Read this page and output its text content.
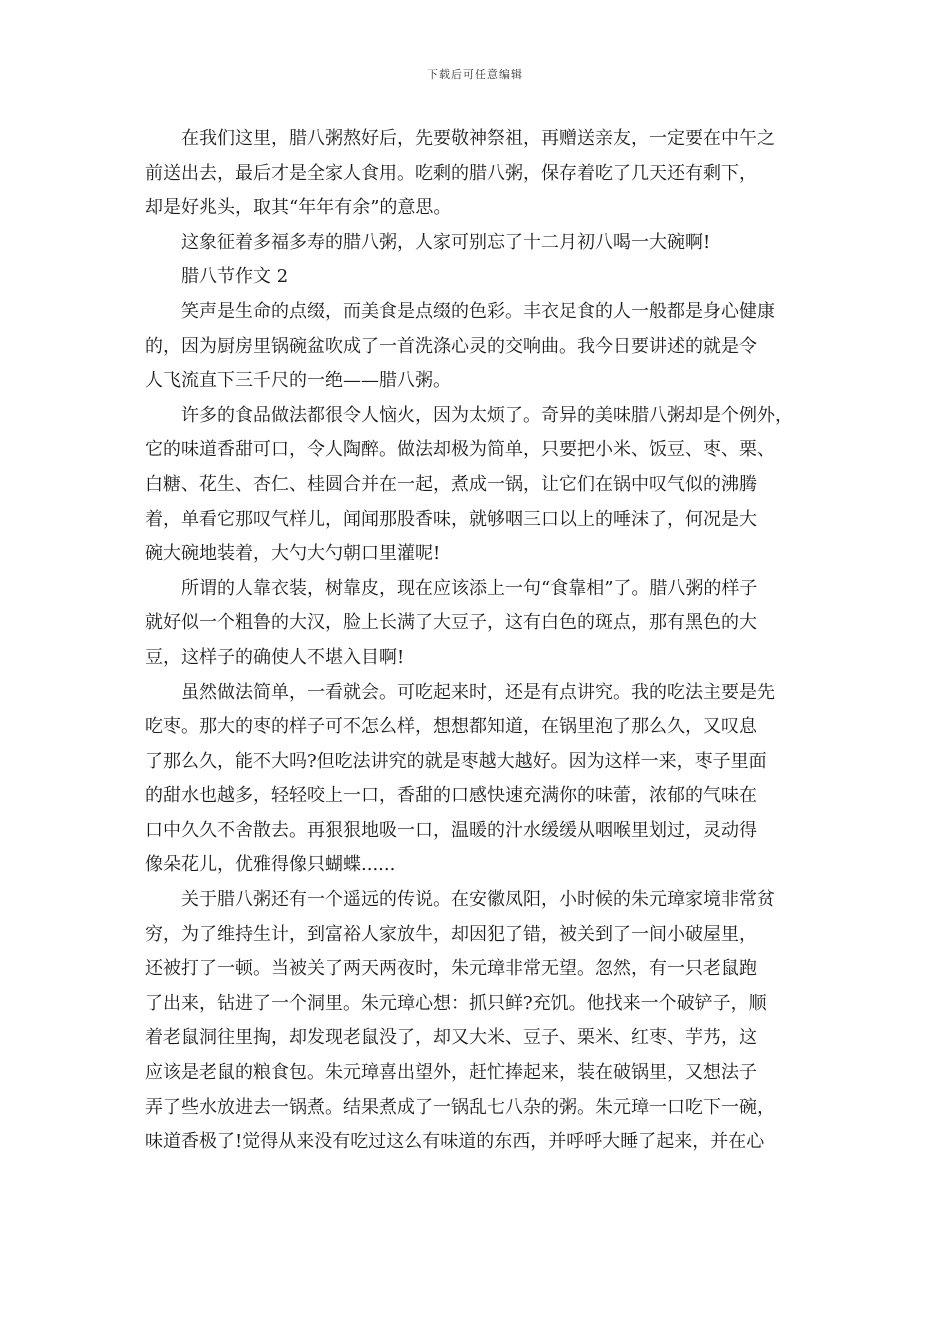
下载后可任意编辑

在我们这里，腊八粥熬好后，先要敬神祭祖，再赠送亲友，一定要在中午之
前送出去，最后才是全家人食用。吃剩的腊八粥，保存着吃了几天还有剩下，
却是好兆头，取其“年年有余”的意思。

这象征着多福多寿的腊八粥，人家可别忘了十二月初八喝一大碗啊!

腊八节作文 2

笑声是生命的点缀，而美食是点缀的色彩。丰衣足食的人一般都是身心健康
的，因为厨房里锅碗盆吹成了一首洗涤心灵的交响曲。我今日要讲述的就是令
人飞流直下三千尺的一绝——腊八粥。

许多的食品做法都很令人恼火，因为太烦了。奇异的美味腊八粥却是个例外，
它的味道香甜可口，令人陶醉。做法却极为简单，只要把小米、饭豆、枣、栗、
白糖、花生、杏仁、桂圆合并在一起，煮成一锅，让它们在锅中叹气似的沸腾
着，单看它那叹气样儿，闻闻那股香味，就够咽三口以上的唾沫了，何况是大
碗大碗地装着，大勺大勺朝口里灌呢!

所谓的人靠衣装，树靠皮，现在应该添上一句“食靠相”了。腊八粥的样子
就好似一个粗鲁的大汉，脸上长满了大豆子，这有白色的斑点，那有黑色的大
豆，这样子的确使人不堪入目啊!

虽然做法简单，一看就会。可吃起来时，还是有点讲究。我的吃法主要是先
吃枣。那大的枣的样子可不怎么样，想想都知道，在锅里泡了那么久，又叹息
了那么久，能不大吗?但吃法讲究的就是枣越大越好。因为这样一来，枣子里面
的甜水也越多，轻轻咬上一口，香甜的口感快速充满你的味蕾，浓郁的气味在
口中久久不舍散去。再狠狠地吸一口，温暖的汁水缓缓从咽喉里划过，灵动得
像朵花儿，优雅得像只蝴蝶......

关于腊八粥还有一个遥远的传说。在安徽凤阳，小时候的朱元璋家境非常贫
穷，为了维持生计，到富裕人家放牛，却因犯了错，被关到了一间小破屋里，
还被打了一顿。当被关了两天两夜时，朱元璋非常无望。忽然，有一只老鼠跑
了出来，钻进了一个洞里。朱元璋心想：抓只鲜?充饥。他找来一个破铲子，顺
着老鼠洞往里掏，却发现老鼠没了，却又大米、豆子、栗米、红枣、芋艿，这
应该是老鼠的粮食包。朱元璋喜出望外，赶忙捧起来，装在破锅里，又想法子
弄了些水放进去一锅煮。结果煮成了一锅乱七八杂的粥。朱元璋一口吃下一碗，
味道香极了!觉得从来没有吃过这么有味道的东西，并呼呼大睡了起来，并在心
